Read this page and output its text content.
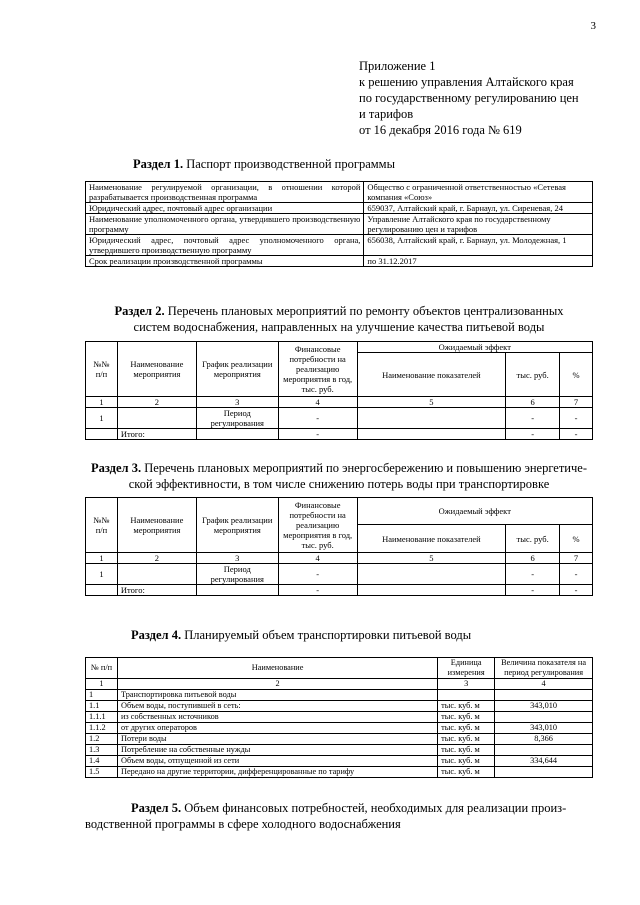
3
Приложение 1
к решению управления Алтайского края
по государственному регулированию цен
и тарифов
от 16 декабря 2016 года № 619
Раздел 1. Паспорт производственной программы
Наименование регулируемой организации, в отношении которой разрабатывается производственная программа	Общество с ограниченной ответственностью «Сетевая компания «Союз»
Юридический адрес, почтовый адрес организации	659037, Алтайский край, г. Барнаул, ул. Сиреневая, 24
Наименование уполномоченного органа, утвердившего производственную программу	Управление Алтайского края по государственному регулированию цен и тарифов
Юридический адрес, почтовый адрес уполномоченного органа, утвердившего производственную программу	656038, Алтайский край, г. Барнаул, ул. Молодежная, 1
Срок реализации производственной программы	по 31.12.2017
Раздел 2. Перечень плановых мероприятий по ремонту объектов централизованных
систем водоснабжения, направленных на улучшение качества питьевой воды
№№ п/п	Наименование мероприятия	График реализации мероприятия	Финансовые потребности на реализацию мероприятия в год, тыс. руб.	Ожидаемый эффект		
				Наименование показателей	тыс. руб.	%
1	2	3	4	5	6	7
1		Период регулирования	-		-	-
	Итого:		-		-	-
Раздел 3. Перечень плановых мероприятий по энергосбережению и повышению энергетиче-
ской эффективности, в том числе снижению потерь воды при транспортировке
№№ п/п	Наименование мероприятия	График реализации мероприятия	Финансовые потребности на реализацию мероприятия в год, тыс. руб.	Ожидаемый эффект		
				Наименование показателей	тыс. руб.	%
1	2	3	4	5	6	7
1		Период регулирования	-		-	-
	Итого:		-		-	-
Раздел 4. Планируемый объем транспортировки питьевой воды
№ п/п	Наименование	Единица измерения	Величина показателя на период регулирования
1	2	3	4
1	Транспортировка питьевой воды		
1.1	Объем воды, поступившей в сеть:	тыс. куб. м	343,010
1.1.1	из собственных источников	тыс. куб. м	
1.1.2	от других операторов	тыс. куб. м	343,010
1.2	Потери воды	тыс. куб. м	8,366
1.3	Потребление на собственные нужды	тыс. куб. м	
1.4	Объем воды, отпущенной из сети	тыс. куб. м	334,644
1.5	Передано на другие территории, дифференцированные по тарифу	тыс. куб. м	
Раздел 5. Объем финансовых потребностей, необходимых для реализации произ-
водственной программы в сфере холодного водоснабжения
